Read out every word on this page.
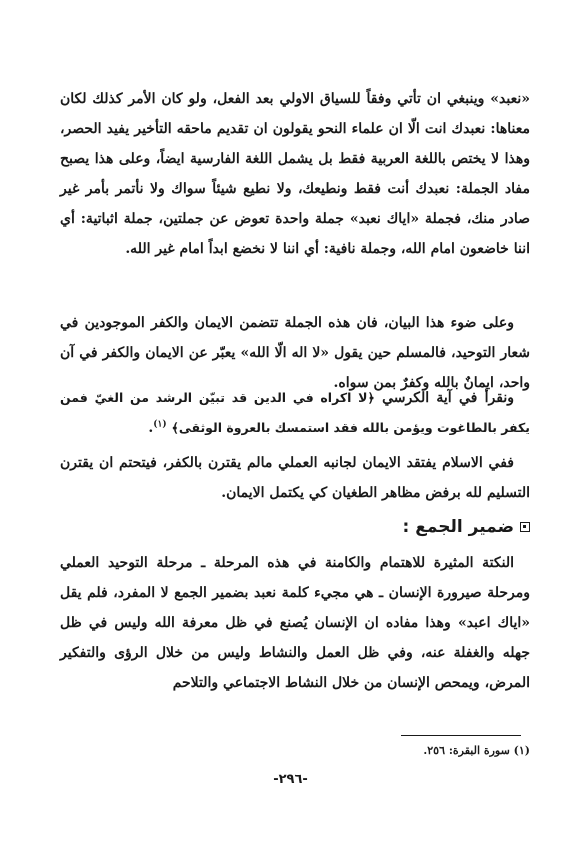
«نعبد» وينبغي ان تأتي وفقاً للسياق الاولي بعد الفعل، ولو كان الأمر كذلك لكان معناها: نعبدك انت الّا ان علماء النحو يقولون ان تقديم ماحقه التأخير يفيد الحصر، وهذا لا يختص باللغة العربية فقط بل يشمل اللغة الفارسية ايضاً، وعلى هذا يصبح مفاد الجملة: نعبدك أنت فقط ونطيعك، ولا نطيع شيئاً سواك ولا نأتمر بأمر غير صادر منك، فجملة «اياك نعبد» جملة واحدة تعوض عن جملتين، جملة اثباتية: أي اننا خاضعون امام الله، وجملة نافية: أي اننا لا نخضع ابداً امام غير الله.

وعلى ضوء هذا البيان، فان هذه الجملة تتضمن الايمان والكفر الموجودين في شعار التوحيد، فالمسلم حين يقول «لا اله الّا الله» يعبّر عن الايمان والكفر في آن واحد، ايمانٌ بالله وكفرٌ بمن سواه.

ونقرأ في آية الكرسي ﴿لا اكراه في الدين قد تبيّن الرشد من الغيّ فمن يكفر بالطاغوت ويؤمن بالله فقد استمسك بالعروة الوثقى﴾ $^{(١)}$.

ففي الاسلام يفتقد الايمان لجانبه العملي مالم يقترن بالكفر، فيتحتم ان يقترن التسليم لله برفض مظاهر الطغيان كي يكتمل الايمان.

ضمير الجمع :

النكتة المثيرة للاهتمام والكامنة في هذه المرحلة ـ مرحلة التوحيد العملي ومرحلة صيرورة الإنسان ـ هي مجيء كلمة نعبد بضمير الجمع لا المفرد، فلم يقل «اياك اعبد» وهذا مفاده ان الإنسان يُصنع في ظل معرفة الله وليس في ظل جهله والغفلة عنه، وفي ظل العمل والنشاط وليس من خلال الرؤى والتفكير المرض، ويمحص الإنسان من خلال النشاط الاجتماعي والتلاحم

(١) سورة البقرة: ٢٥٦.
-٢٩٦-
